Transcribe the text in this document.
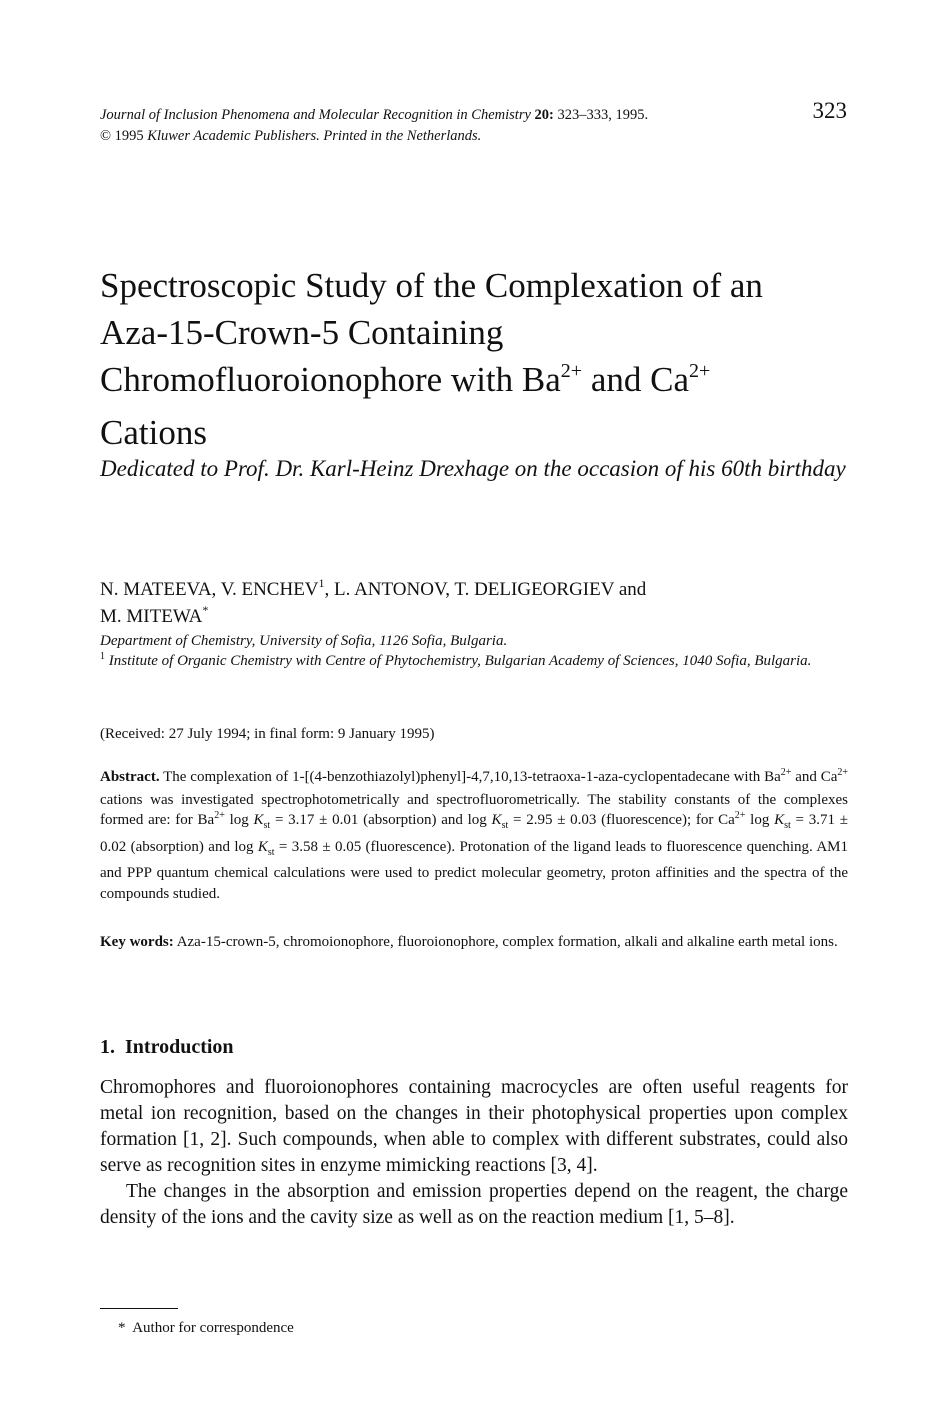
Journal of Inclusion Phenomena and Molecular Recognition in Chemistry 20: 323–333, 1995.
© 1995 Kluwer Academic Publishers. Printed in the Netherlands.
323
Spectroscopic Study of the Complexation of an
Aza-15-Crown-5 Containing
Chromofluoroionophore with $Ba^{2+}$ and $Ca^{2+}$
Cations
Dedicated to Prof. Dr. Karl-Heinz Drexhage on the occasion of his 60th birthday
N. MATEEVA, V. ENCHEV$^1$, L. ANTONOV, T. DELIGEORGIEV and
M. MITEWA*
Department of Chemistry, University of Sofia, 1126 Sofia, Bulgaria.
$^1$ Institute of Organic Chemistry with Centre of Phytochemistry, Bulgarian Academy of Sciences, 1040 Sofia, Bulgaria.
(Received: 27 July 1994; in final form: 9 January 1995)
Abstract. The complexation of 1-[(4-benzothiazolyl)phenyl]-4,7,10,13-tetraoxa-1-aza-cyclopentadecane with $Ba^{2+}$ and $Ca^{2+}$ cations was investigated spectrophotometrically and spectrofluorometrically. The stability constants of the complexes formed are: for $Ba^{2+}$ $\log K_{st} = 3.17 \pm 0.01$ (absorption) and $\log K_{st} = 2.95 \pm 0.03$ (fluorescence); for $Ca^{2+}$ $\log K_{st} = 3.71 \pm 0.02$ (absorption) and $\log K_{st} = 3.58 \pm 0.05$ (fluorescence). Protonation of the ligand leads to fluorescence quenching. AM1 and PPP quantum chemical calculations were used to predict molecular geometry, proton affinities and the spectra of the compounds studied.
Key words: Aza-15-crown-5, chromoionophore, fluoroionophore, complex formation, alkali and alkaline earth metal ions.
1. Introduction

Chromophores and fluoroionophores containing macrocycles are often useful reagents for metal ion recognition, based on the changes in their photophysical properties upon complex formation [1, 2]. Such compounds, when able to complex with different substrates, could also serve as recognition sites in enzyme mimicking reactions [3, 4].

The changes in the absorption and emission properties depend on the reagent, the charge density of the ions and the cavity size as well as on the reaction medium [1, 5–8].

* Author for correspondence
